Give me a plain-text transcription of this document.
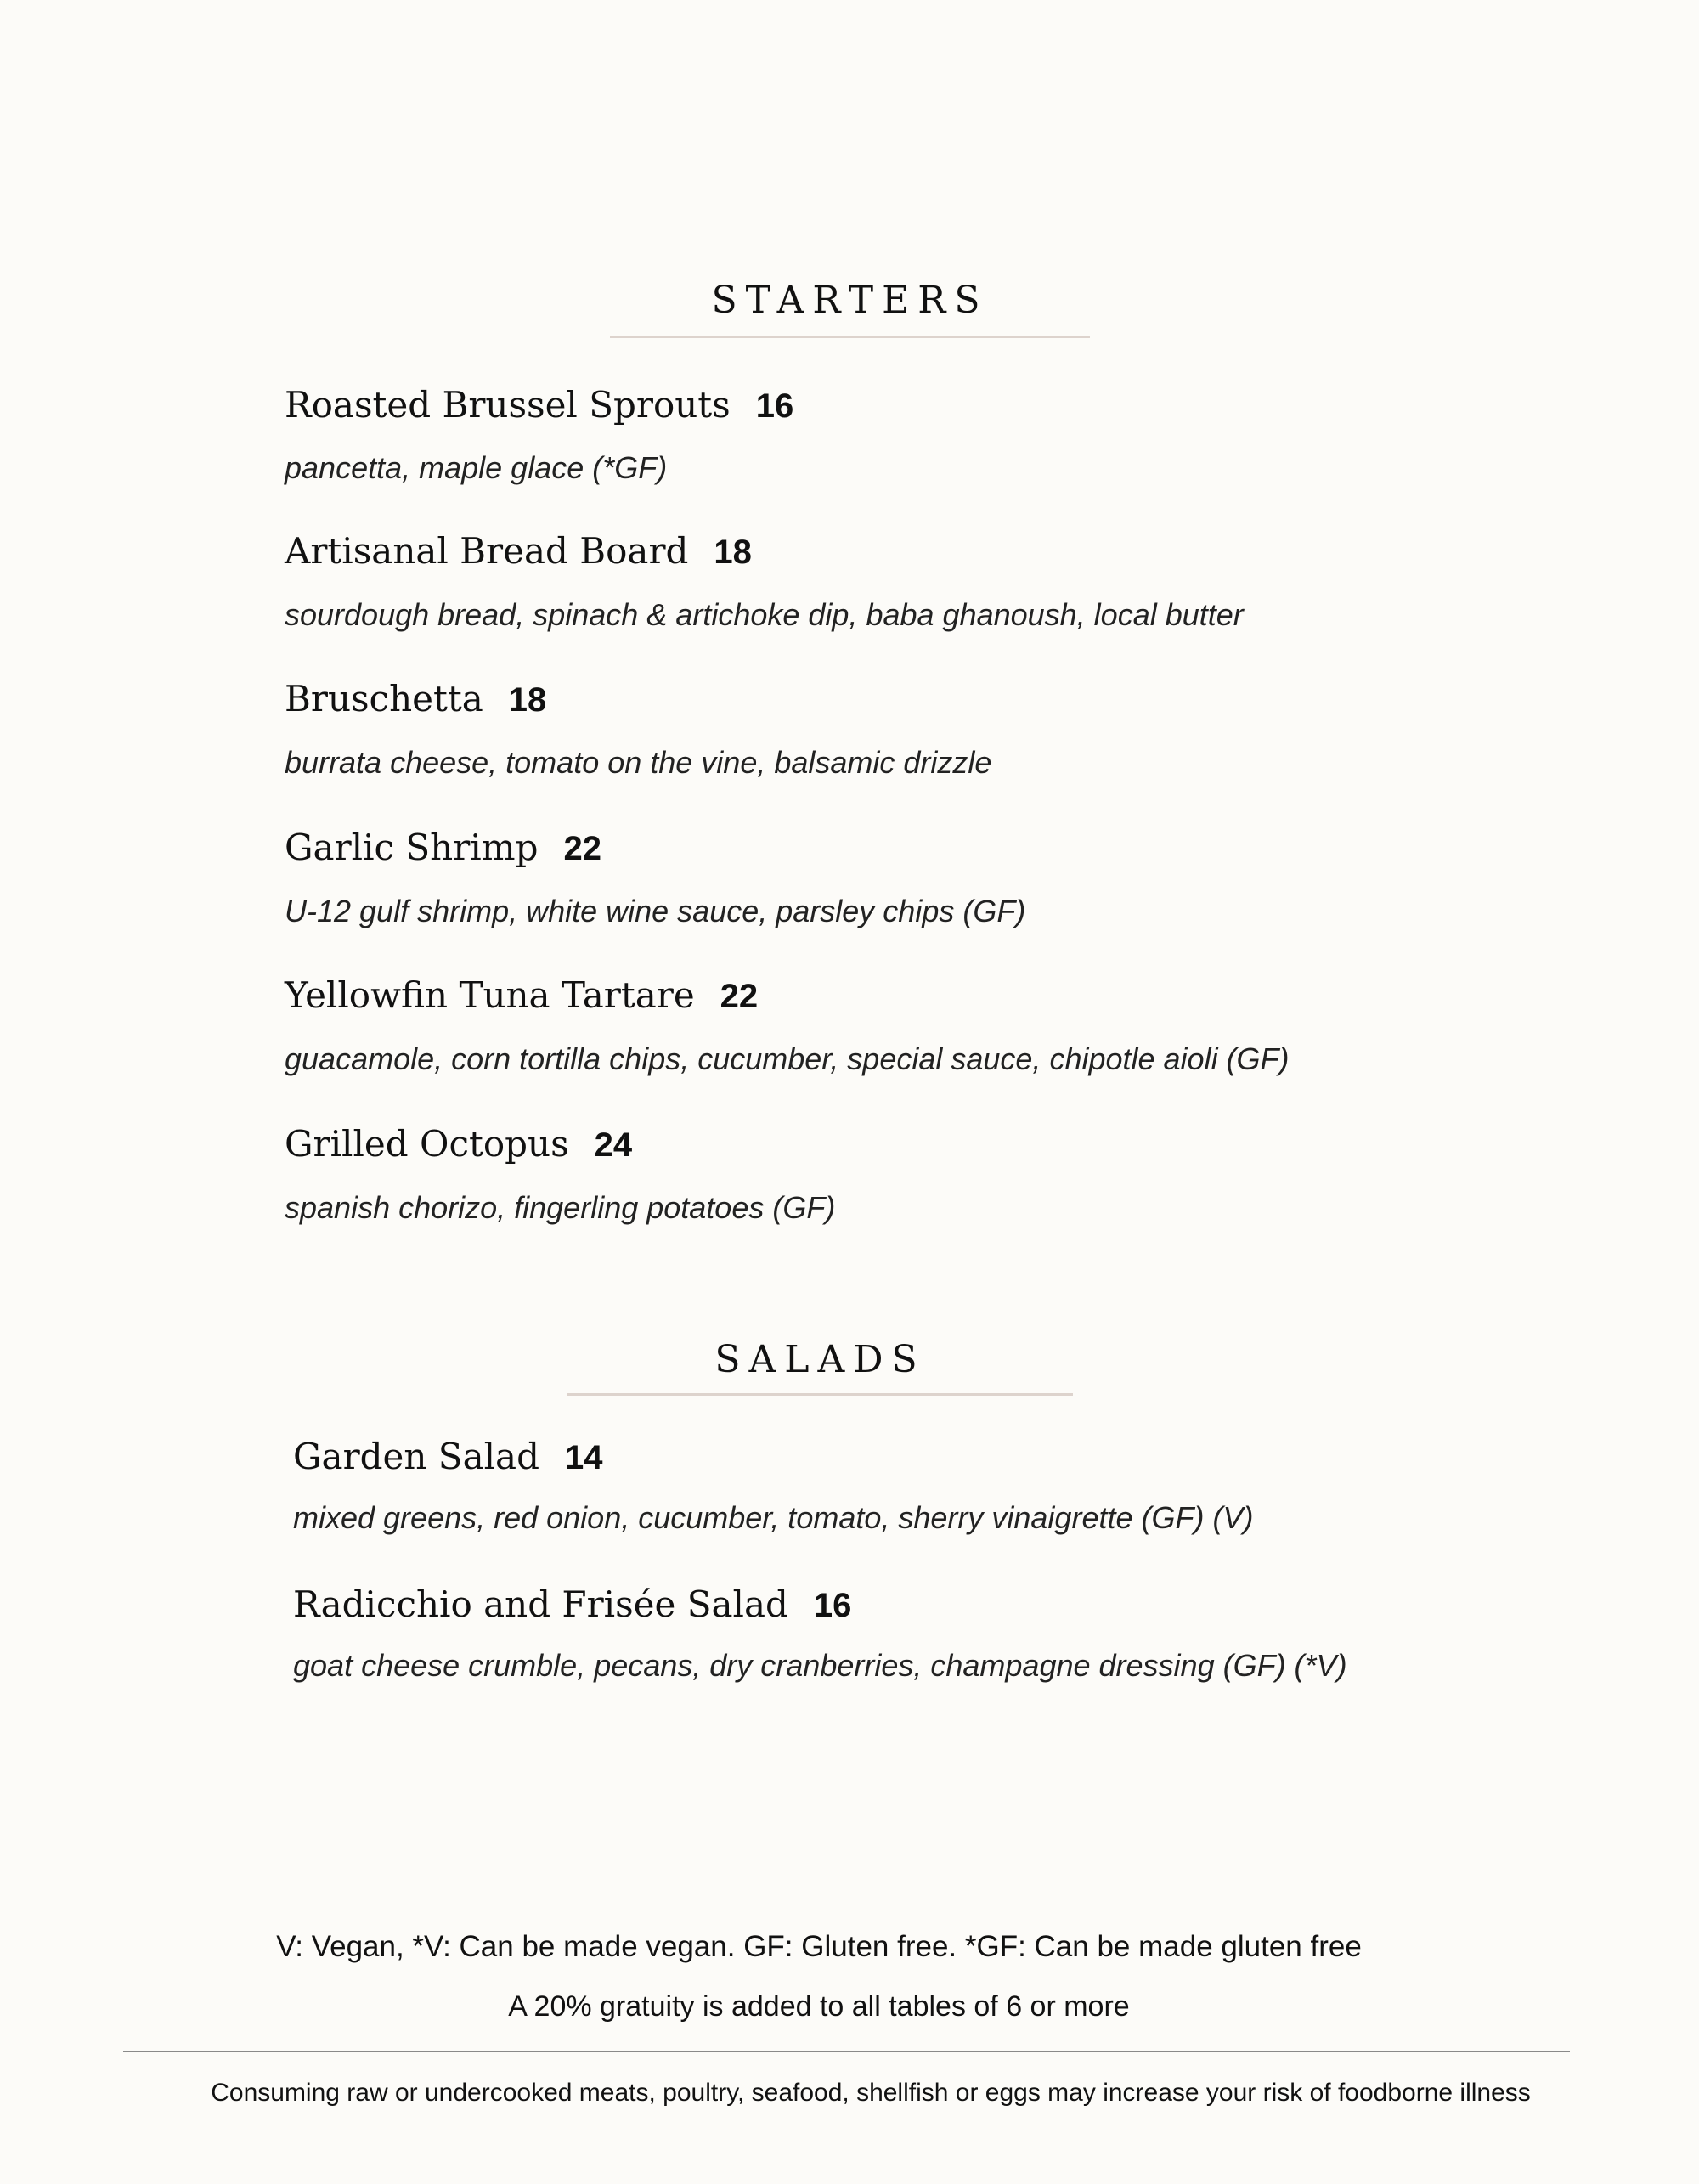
STARTERS
Roasted Brussel Sprouts 16
pancetta, maple glace (*GF)
Artisanal Bread Board 18
sourdough bread, spinach & artichoke dip, baba ghanoush, local butter
Bruschetta 18
burrata cheese, tomato on the vine, balsamic drizzle
Garlic Shrimp 22
U-12 gulf shrimp, white wine sauce, parsley chips (GF)
Yellowfin Tuna Tartare 22
guacamole, corn tortilla chips, cucumber, special sauce, chipotle aioli (GF)
Grilled Octopus 24
spanish chorizo, fingerling potatoes (GF)
SALADS
Garden Salad 14
mixed greens, red onion, cucumber, tomato, sherry vinaigrette (GF) (V)
Radicchio and Frisée Salad 16
goat cheese crumble, pecans, dry cranberries, champagne dressing (GF) (*V)
V: Vegan, *V: Can be made vegan. GF: Gluten free. *GF: Can be made gluten free
A 20% gratuity is added to all tables of 6 or more
Consuming raw or undercooked meats, poultry, seafood, shellfish or eggs may increase your risk of foodborne illness
